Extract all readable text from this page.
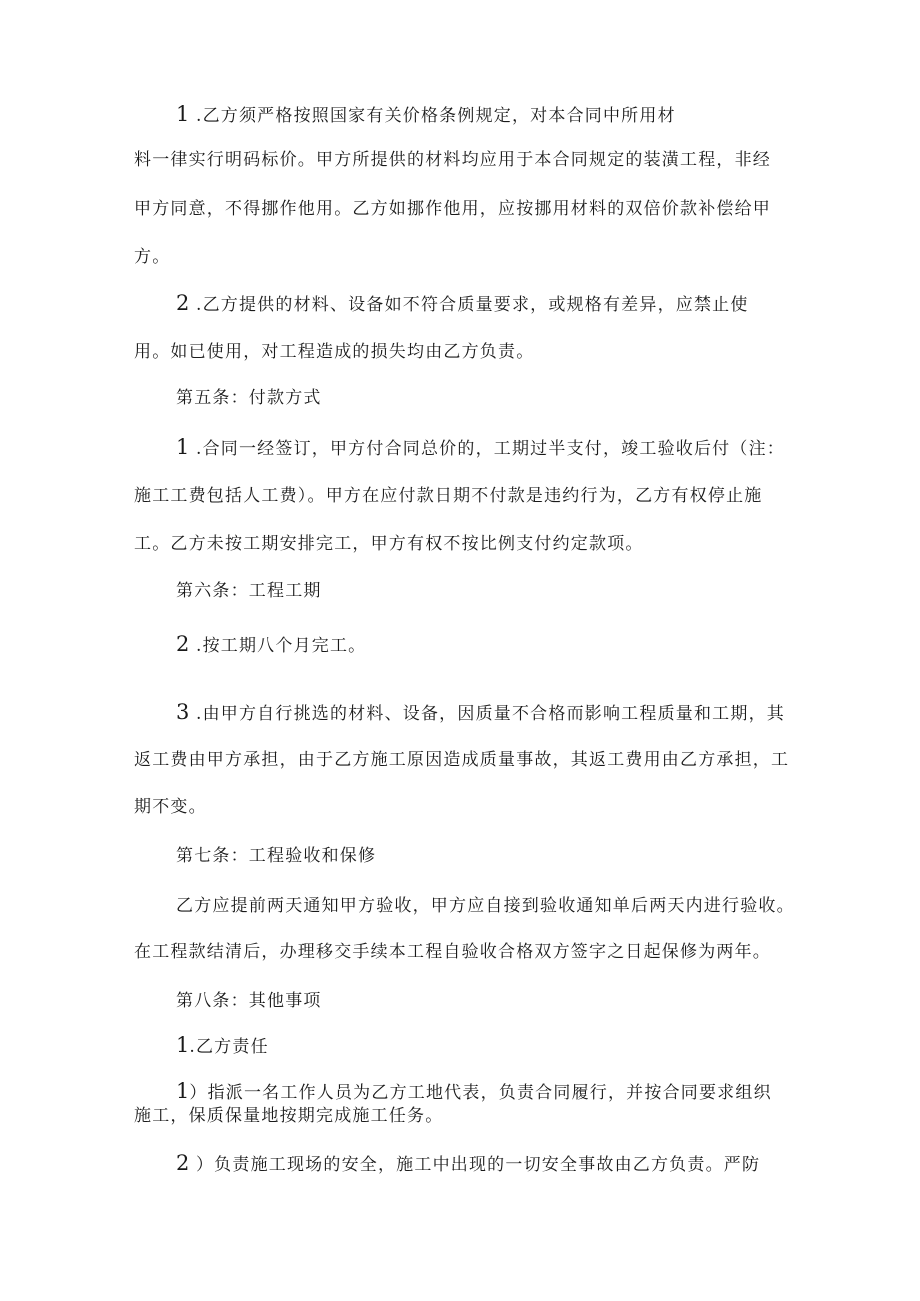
1 .乙方须严格按照国家有关价格条例规定，对本合同中所用材
料一律实行明码标价。甲方所提供的材料均应用于本合同规定的装潢工程，非经
甲方同意，不得挪作他用。乙方如挪作他用，应按挪用材料的双倍价款补偿给甲
方。
2 .乙方提供的材料、设备如不符合质量要求，或规格有差异，应禁止使
用。如已使用，对工程造成的损失均由乙方负责。
第五条：付款方式
1 .合同一经签订，甲方付合同总价的，工期过半支付，竣工验收后付（注：
施工工费包括人工费）。甲方在应付款日期不付款是违约行为，乙方有权停止施
工。乙方未按工期安排完工，甲方有权不按比例支付约定款项。
第六条：工程工期
2 .按工期八个月完工。
3 .由甲方自行挑选的材料、设备，因质量不合格而影响工程质量和工期，其
返工费由甲方承担，由于乙方施工原因造成质量事故，其返工费用由乙方承担，工
期不变。
第七条：工程验收和保修
乙方应提前两天通知甲方验收，甲方应自接到验收通知单后两天内进行验收。
在工程款结清后，办理移交手续本工程自验收合格双方签字之日起保修为两年。
第八条：其他事项
1.乙方责任
1）指派一名工作人员为乙方工地代表，负责合同履行，并按合同要求组织
施工，保质保量地按期完成施工任务。
2 ）负责施工现场的安全，施工中出现的一切安全事故由乙方负责。严防
